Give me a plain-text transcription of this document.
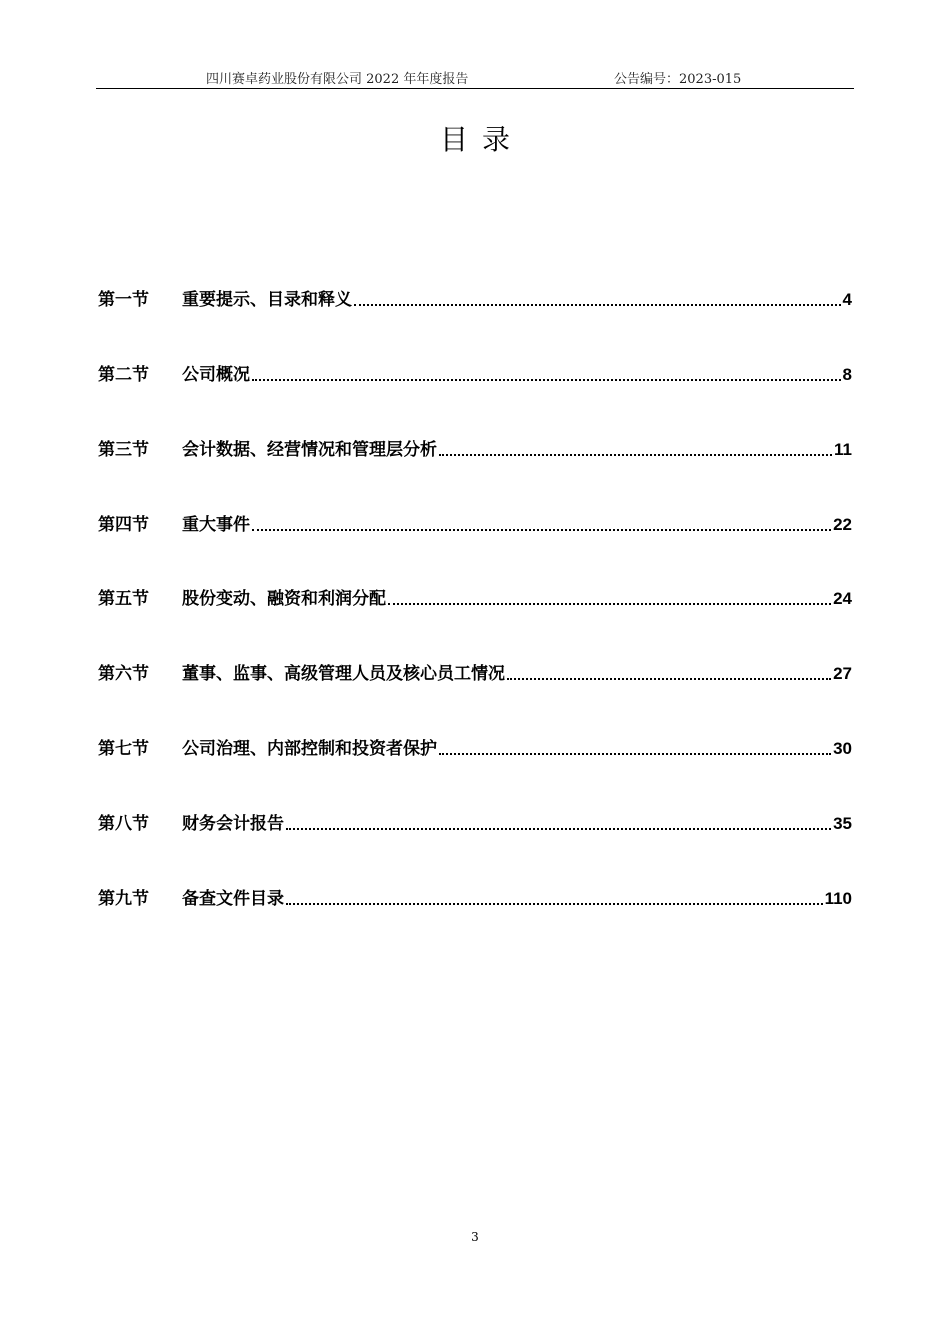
四川赛卓药业股份有限公司 2022 年年度报告	公告编号：2023-015
目录
第一节	重要提示、目录和释义	4
第二节	公司概况	8
第三节	会计数据、经营情况和管理层分析	11
第四节	重大事件	22
第五节	股份变动、融资和利润分配	24
第六节	董事、监事、高级管理人员及核心员工情况	27
第七节	公司治理、内部控制和投资者保护	30
第八节	财务会计报告	35
第九节	备查文件目录	110
3
